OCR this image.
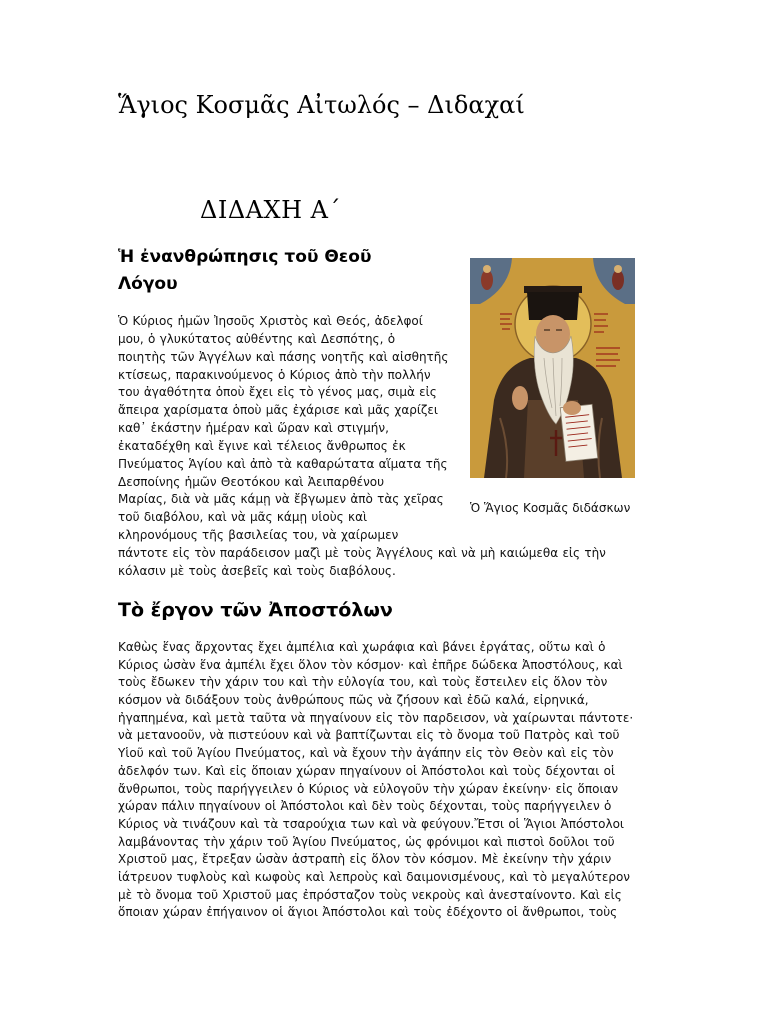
Ἅγιος Κοσμᾶς Αἰτωλός – Διδαχαί
ΔΙΔΑΧΗ Α΄
Ἡ ἐνανθρώπησις τοῦ Θεοῦ
Λόγου
Ὁ Κύριος ἡμῶν Ἰησοῦς Χριστὸς καὶ Θεός, ἀδελφοί
μου, ὁ γλυκύτατος αὐθέντης καὶ Δεσπότης, ὁ
ποιητὴς τῶν Ἀγγέλων καὶ πάσης νοητῆς καὶ αἰσθητῆς
κτίσεως, παρακινούμενος ὁ Κύριος ἀπὸ τὴν πολλήν
του ἀγαθότητα ὁποὺ ἔχει εἰς τὸ γένος μας, σιμὰ εἰς
ἄπειρα χαρίσματα ὁποὺ μᾶς ἐχάρισε καὶ μᾶς χαρίζει
καθ᾽ ἑκάστην ἡμέραν καὶ ὥραν καὶ στιγμήν,
ἐκαταδέχθη καὶ ἔγινε καὶ τέλειος ἄνθρωπος ἐκ
Πνεύματος Ἁγίου καὶ ἀπὸ τὰ καθαρώτατα αἵματα τῆς
Δεσποίνης ἡμῶν Θεοτόκου καὶ Ἀειπαρθένου
Μαρίας, διὰ νὰ μᾶς κάμῃ νὰ ἔβγωμεν ἀπὸ τὰς χεῖρας
τοῦ διαβόλου, καὶ νὰ μᾶς κάμῃ υἱοὺς καὶ
κληρονόμους τῆς βασιλείας του, νὰ χαίρωμεν
πάντοτε εἰς τὸν παράδεισον μαζὶ μὲ τοὺς Ἀγγέλους καὶ νὰ μὴ καιώμεθα εἰς τὴν
κόλασιν μὲ τοὺς ἀσεβεῖς καὶ τοὺς διαβόλους.
Ὁ Ἅγιος Κοσμᾶς διδάσκων
Τὸ ἔργον τῶν Ἀποστόλων
Καθὼς ἕνας ἄρχοντας ἔχει ἀμπέλια καὶ χωράφια καὶ βάνει ἐργάτας, οὕτω καὶ ὁ
Κύριος ὡσὰν ἕνα ἀμπέλι ἔχει ὅλον τὸν κόσμον· καὶ ἐπῆρε δώδεκα Ἀποστόλους, καὶ
τοὺς ἔδωκεν τὴν χάριν του καὶ τὴν εὐλογία του, καὶ τοὺς ἔστειλεν εἰς ὅλον τὸν
κόσμον νὰ διδάξουν τοὺς ἀνθρώπους πῶς νὰ ζήσουν καὶ ἐδῶ καλά, εἰρηνικά,
ἠγαπημένα, καὶ μετὰ ταῦτα νὰ πηγαίνουν εἰς τὸν παρδεισον, νὰ χαίρωνται πάντοτε·
νὰ μετανοοῦν, νὰ πιστεύουν καὶ νὰ βαπτίζωνται εἰς τὸ ὄνομα τοῦ Πατρὸς καὶ τοῦ
Υἱοῦ καὶ τοῦ Ἁγίου Πνεύματος, καὶ νὰ ἔχουν τὴν ἀγάπην εἰς τὸν Θεὸν καὶ εἰς τὸν
ἀδελφόν των. Καὶ εἰς ὅποιαν χώραν πηγαίνουν οἱ Ἀπόστολοι καὶ τοὺς δέχονται οἱ
ἄνθρωποι, τοὺς παρήγγειλεν ὁ Κύριος νὰ εὐλογοῦν τὴν χώραν ἐκείνην· εἰς ὅποιαν
χώραν πάλιν πηγαίνουν οἱ Ἀπόστολοι καὶ δὲν τοὺς δέχονται, τοὺς παρήγγειλεν ὁ
Κύριος νὰ τινάζουν καὶ τὰ τσαρούχια των καὶ νὰ φεύγουν.Ἔτσι οἱ Ἅγιοι Ἀπόστολοι
λαμβάνοντας τὴν χάριν τοῦ Ἁγίου Πνεύματος, ὡς φρόνιμοι καὶ πιστοὶ δοῦλοι τοῦ
Χριστοῦ μας, ἔτρεξαν ὡσὰν ἀστραπὴ εἰς ὅλον τὸν κόσμον. Μὲ ἐκείνην τὴν χάριν
ἰάτρευον τυφλοὺς καὶ κωφοὺς καὶ λεπροὺς καὶ δαιμονισμένους, καὶ τὸ μεγαλύτερον
μὲ τὸ ὄνομα τοῦ Χριστοῦ μας ἐπρόσταζον τοὺς νεκροὺς καὶ ἀνεσταίνοντο. Καὶ εἰς
ὅποιαν χώραν ἐπήγαινον οἱ ἅγιοι Ἀπόστολοι καὶ τοὺς ἐδέχοντο οἱ ἄνθρωποι, τοὺς
